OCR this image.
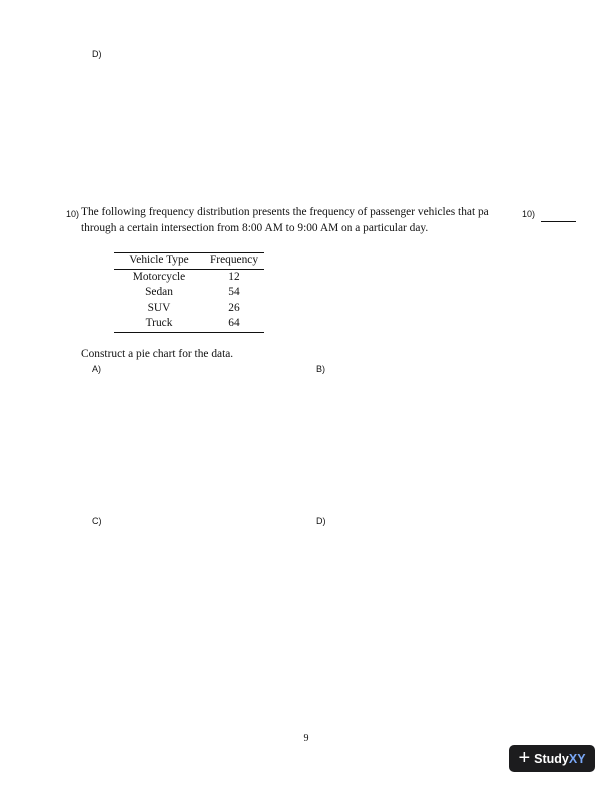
D)
10) The following frequency distribution presents the frequency of passenger vehicles that pa
through a certain intersection from 8:00 AM to 9:00 AM on a particular day.
10)
Vehicle Type	Frequency
Motorcycle	12
Sedan	54
SUV	26
Truck	64
Construct a pie chart for the data.
A)	B)
C)	D)
9
+ StudyXY
